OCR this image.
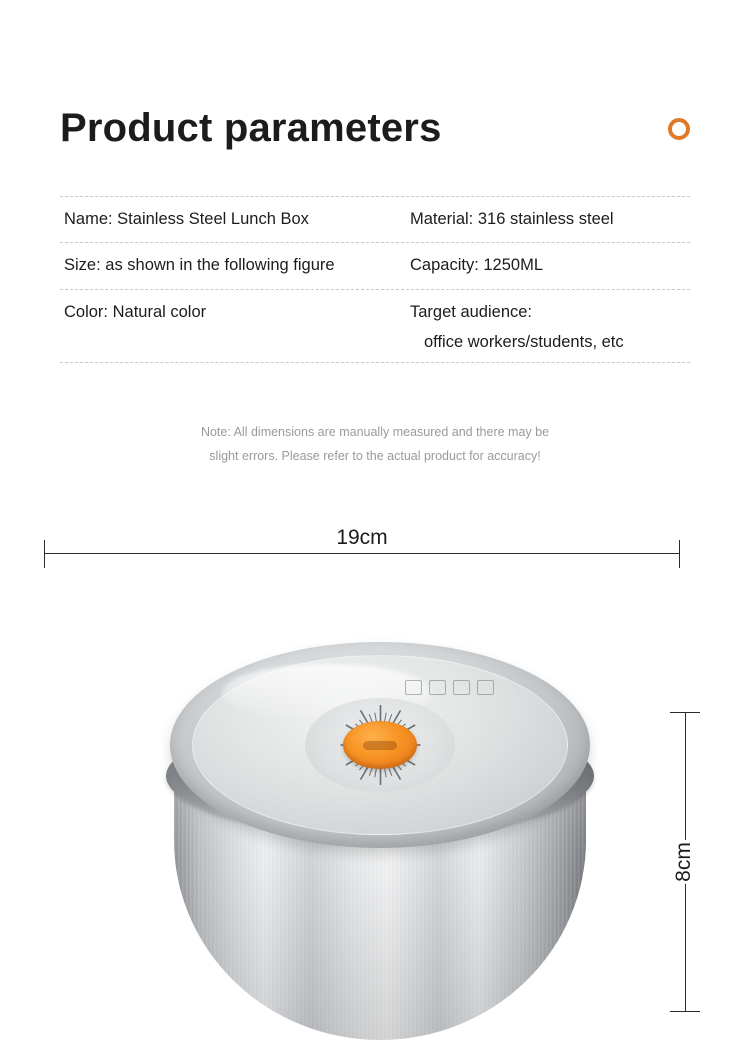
Product parameters
Name: Stainless Steel Lunch Box	Material: 316 stainless steel
Size: as shown in the following figure	Capacity: 1250ML
Color: Natural color	Target audience:
office workers/students, etc
Note: All dimensions are manually measured and there may be
slight errors. Please refer to the actual product for accuracy!
19cm
8cm
